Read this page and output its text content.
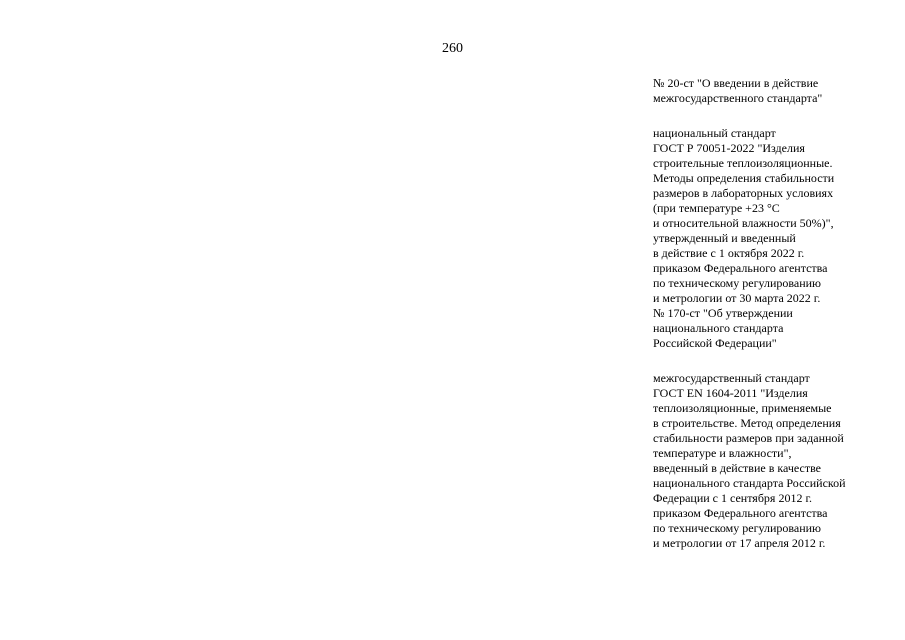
260
№ 20-ст "О введении в действие
межгосударственного стандарта"
национальный стандарт
ГОСТ Р 70051-2022 "Изделия
строительные теплоизоляционные.
Методы определения стабильности
размеров в лабораторных условиях
(при температуре +23 °C
и относительной влажности 50%)",
утвержденный и введенный
в действие с 1 октября 2022 г.
приказом Федерального агентства
по техническому регулированию
и метрологии от 30 марта 2022 г.
№ 170-ст "Об утверждении
национального стандарта
Российской Федерации"
межгосударственный стандарт
ГОСТ EN 1604-2011 "Изделия
теплоизоляционные, применяемые
в строительстве. Метод определения
стабильности размеров при заданной
температуре и влажности",
введенный в действие в качестве
национального стандарта Российской
Федерации с 1 сентября 2012 г.
приказом Федерального агентства
по техническому регулированию
и метрологии от 17 апреля 2012 г.
